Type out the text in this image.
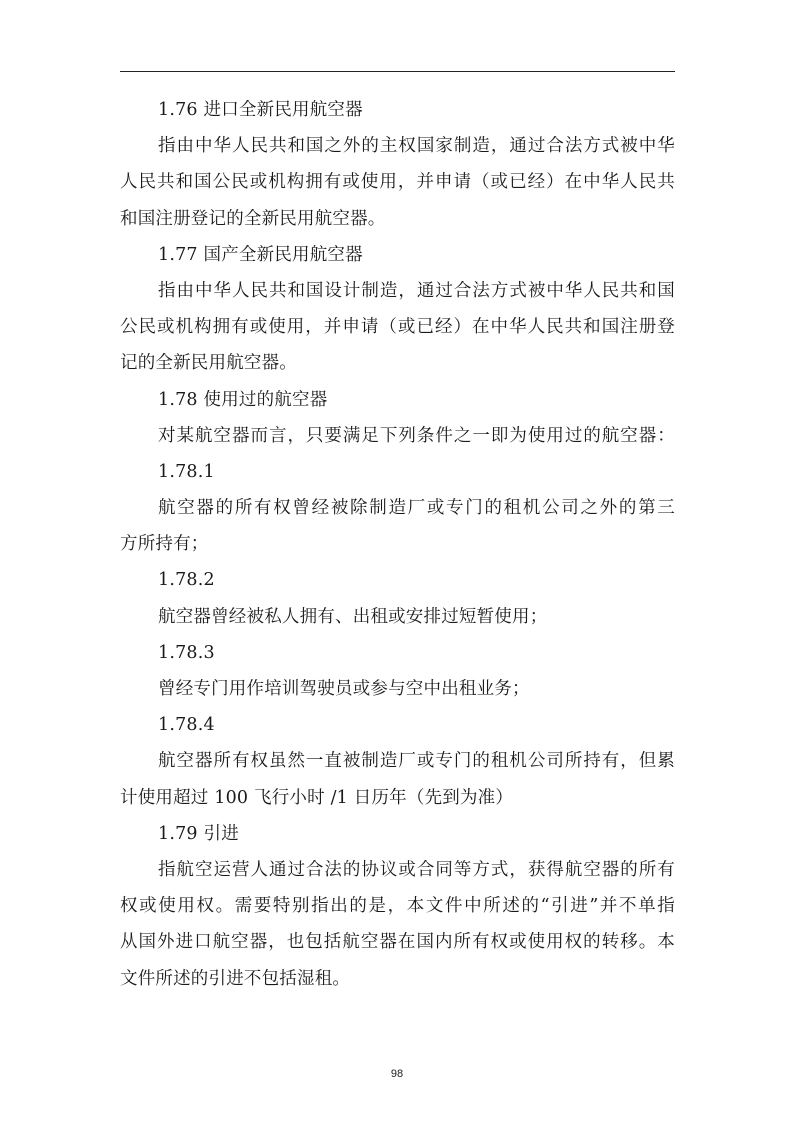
1.76 进口全新民用航空器
指由中华人民共和国之外的主权国家制造，通过合法方式被中华
人民共和国公民或机构拥有或使用，并申请（或已经）在中华人民共
和国注册登记的全新民用航空器。
1.77 国产全新民用航空器
指由中华人民共和国设计制造，通过合法方式被中华人民共和国
公民或机构拥有或使用，并申请（或已经）在中华人民共和国注册登
记的全新民用航空器。
1.78 使用过的航空器
对某航空器而言，只要满足下列条件之一即为使用过的航空器：
1.78.1
航空器的所有权曾经被除制造厂或专门的租机公司之外的第三
方所持有；
1.78.2
航空器曾经被私人拥有、出租或安排过短暂使用；
1.78.3
曾经专门用作培训驾驶员或参与空中出租业务；
1.78.4
航空器所有权虽然一直被制造厂或专门的租机公司所持有，但累
计使用超过 100 飞行小时 /1 日历年（先到为准）
1.79 引进
指航空运营人通过合法的协议或合同等方式，获得航空器的所有
权或使用权。需要特别指出的是，本文件中所述的“引进”并不单指
从国外进口航空器，也包括航空器在国内所有权或使用权的转移。本
文件所述的引进不包括湿租。
98
